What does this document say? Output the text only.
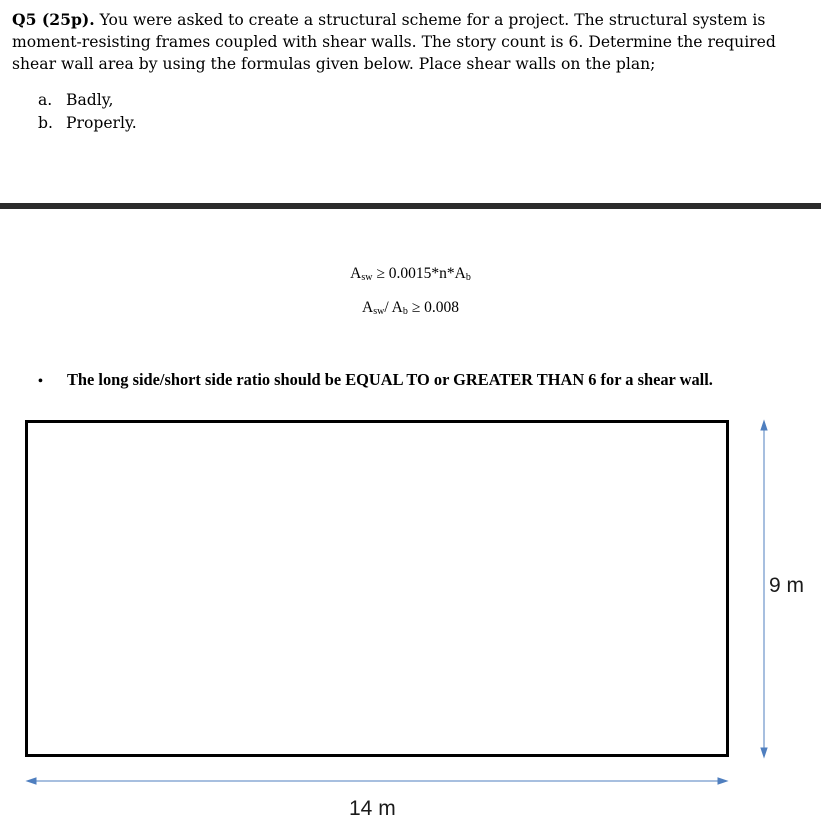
Q5 (25p). You were asked to create a structural scheme for a project. The structural system is moment-resisting frames coupled with shear walls. The story count is 6. Determine the required shear wall area by using the formulas given below. Place shear walls on the plan;

a. Badly,
b. Properly.
$A_{sw} \ge 0.0015*n*A_b$
$A_{sw}/$ $A_b \ge 0.008$
• The long side/short side ratio should be EQUAL TO or GREATER THAN 6 for a shear wall.
14 m
9 m
